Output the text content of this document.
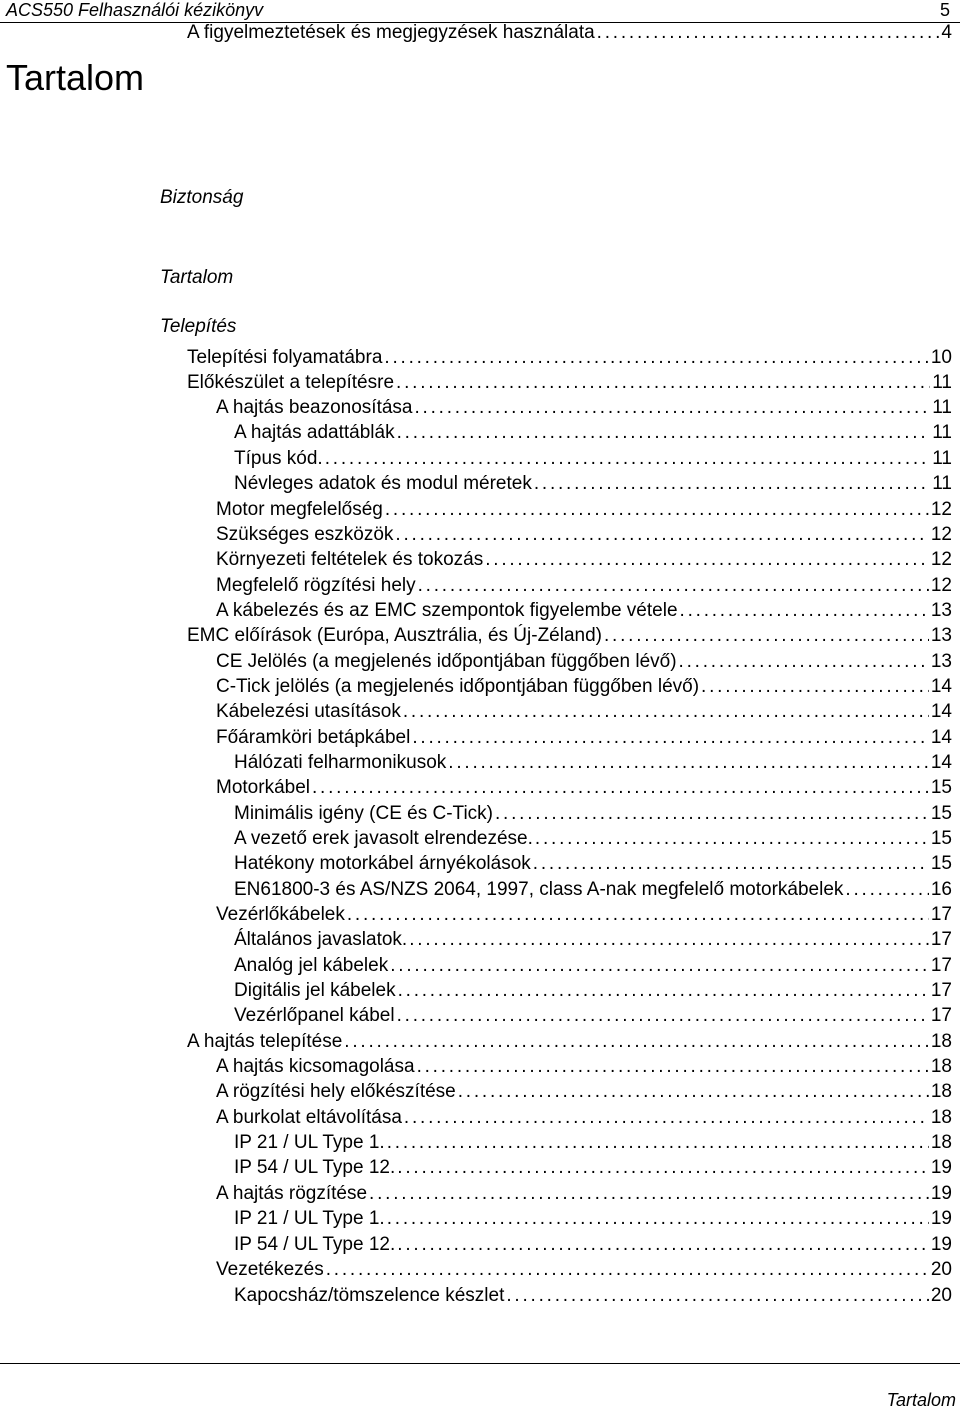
ACS550 Felhasználói kézikönyv	5
Tartalom
Biztonság
Tartalom
Telepítés
A figyelmeztetések és megjegyzések használata . . .	4
Telepítési folyamatábra . . .	10
Előkészület a telepítésre . . .	11
A hajtás beazonosítása . . .	11
A hajtás adattáblák . . .	11
Típus kód. . . .	11
Névleges adatok és modul méretek . . .	11
Motor megfelelőség . . .	12
Szükséges eszközök . . .	12
Környezeti feltételek és tokozás . . .	12
Megfelelő rögzítési hely . . .	12
A kábelezés és az EMC szempontok figyelembe vétele . . .	13
EMC előírások (Európa, Ausztrália, és Új-Zéland) . . .	13
CE Jelölés (a megjelenés időpontjában függőben lévő) . . .	13
C-Tick jelölés (a megjelenés időpontjában függőben lévő) . . .	14
Kábelezési utasítások . . .	14
Főáramköri betápkábel . . .	14
Hálózati felharmonikusok . . .	14
Motorkábel . . .	15
Minimális igény (CE és C-Tick) . . .	15
A vezető erek javasolt elrendezése. . . .	15
Hatékony motorkábel árnyékolások . . .	15
EN61800-3 és AS/NZS 2064, 1997, class A-nak megfelelő motorkábelek . . .	16
Vezérlőkábelek . . .	17
Általános javaslatok. . . .	17
Analóg jel kábelek . . .	17
Digitális jel kábelek . . .	17
Vezérlőpanel kábel . . .	17
A hajtás telepítése . . .	18
A hajtás kicsomagolása . . .	18
A rögzítési hely előkészítése . . .	18
A burkolat eltávolítása . . .	18
IP 21 / UL Type 1. . . .	18
IP 54 / UL Type 12. . . .	19
A hajtás rögzítése . . .	19
IP 21 / UL Type 1. . . .	19
IP 54 / UL Type 12. . . .	19
Vezetékezés . . .	20
Kapocsház/tömszelence készlet . . .	20
Tartalom
